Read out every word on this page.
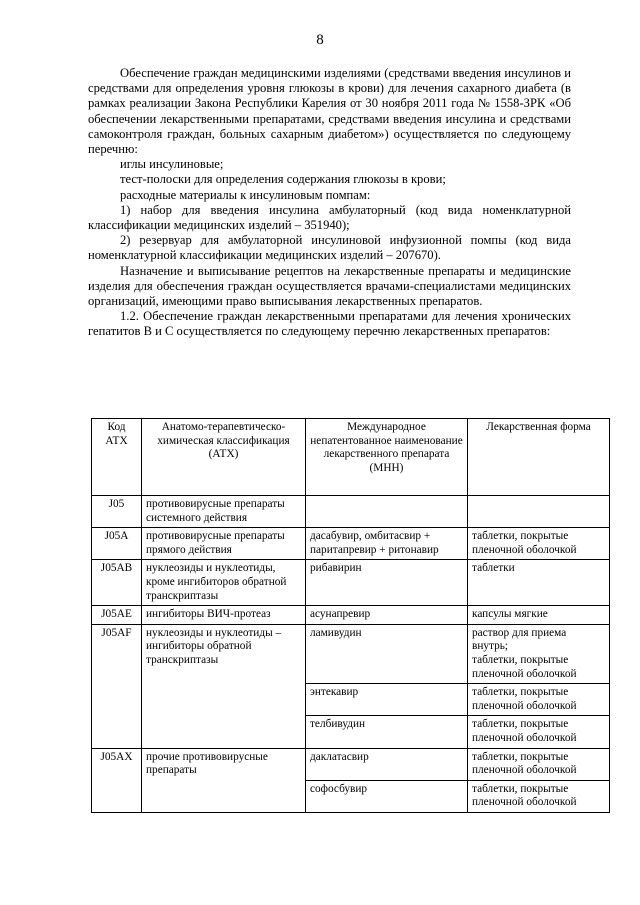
8

Обеспечение граждан медицинскими изделиями (средствами введения инсулинов и средствами для определения уровня глюкозы в крови) для лечения сахарного диабета (в рамках реализации Закона Республики Карелия от 30 ноября 2011 года № 1558-ЗРК «Об обеспечении лекарственными препаратами, средствами введения инсулина и средствами самоконтроля граждан, больных сахарным диабетом») осуществляется по следующему перечню:

иглы инсулиновые;

тест-полоски для определения содержания глюкозы в крови;

расходные материалы к инсулиновым помпам:

1) набор для введения инсулина амбулаторный (код вида номенклатурной классификации медицинских изделий – 351940);

2) резервуар для амбулаторной инсулиновой инфузионной помпы (код вида номенклатурной классификации медицинских изделий – 207670).

Назначение и выписывание рецептов на лекарственные препараты и медицинские изделия для обеспечения граждан осуществляется врачами-специалистами медицинских организаций, имеющими право выписывания лекарственных препаратов.

1.2. Обеспечение граждан лекарственными препаратами для лечения хронических гепатитов В и С осуществляется по следующему перечню лекарственных препаратов:

Код АТХ	Анатомо-терапевтическо-химическая классификация (АТХ)	Международное непатентованное наименование лекарственного препарата (МНН)	Лекарственная форма
J05	противовирусные препараты системного действия		
J05A	противовирусные препараты прямого действия	дасабувир, омбитасвир + паритапревир + ритонавир	таблетки, покрытые пленочной оболочкой
J05AB	нуклеозиды и нуклеотиды, кроме ингибиторов обратной транскриптазы	рибавирин	таблетки
J05AE	ингибиторы ВИЧ-протеаз	асунапревир	капсулы мягкие
J05AF	нуклеозиды и нуклеотиды – ингибиторы обратной транскриптазы	ламивудин	раствор для приема внутрь;
таблетки, покрытые пленочной оболочкой
		энтекавир	таблетки, покрытые пленочной оболочкой
		телбивудин	таблетки, покрытые пленочной оболочкой
J05AX	прочие противовирусные препараты	даклатасвир	таблетки, покрытые пленочной оболочкой
		софосбувир	таблетки, покрытые пленочной оболочкой
